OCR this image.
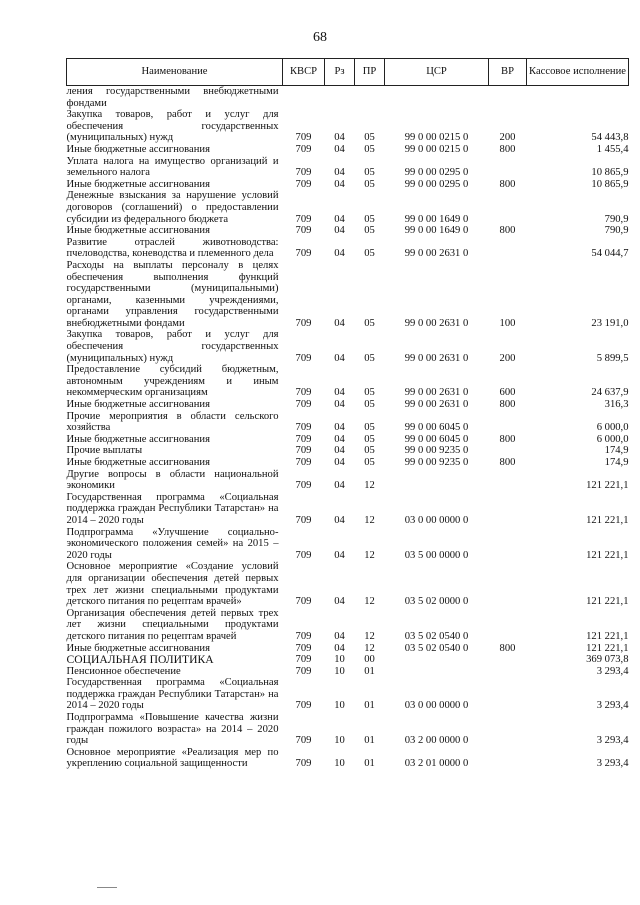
68
Наименование	КВСР	Рз	ПР	ЦСР	ВР	Кассовое исполнение
ления государственными внебюджетными фондами						
Закупка товаров, работ и услуг для обеспечения государственных (муниципальных) нужд	709	04	05	99 0 00 0215 0	200	54 443,8
Иные бюджетные ассигнования	709	04	05	99 0 00 0215 0	800	1 455,4
Уплата налога на имущество организаций и земельного налога	709	04	05	99 0 00 0295 0		10 865,9
Иные бюджетные ассигнования	709	04	05	99 0 00 0295 0	800	10 865,9
Денежные взыскания за нарушение условий договоров (соглашений) о предоставлении субсидии из федерального бюджета	709	04	05	99 0 00 1649 0		790,9
Иные бюджетные ассигнования	709	04	05	99 0 00 1649 0	800	790,9
Развитие отраслей животноводства: пчеловодства, коневодства и племенного дела	709	04	05	99 0 00 2631 0		54 044,7
Расходы на выплаты персоналу в целях обеспечения выполнения функций государственными (муниципальными) органами, казенными учреждениями, органами управления государственными внебюджетными фондами	709	04	05	99 0 00 2631 0	100	23 191,0
Закупка товаров, работ и услуг для обеспечения государственных (муниципальных) нужд	709	04	05	99 0 00 2631 0	200	5 899,5
Предоставление субсидий бюджетным, автономным учреждениям и иным некоммерческим организациям	709	04	05	99 0 00 2631 0	600	24 637,9
Иные бюджетные ассигнования	709	04	05	99 0 00 2631 0	800	316,3
Прочие мероприятия в области сельского хозяйства	709	04	05	99 0 00 6045 0		6 000,0
Иные бюджетные ассигнования	709	04	05	99 0 00 6045 0	800	6 000,0
Прочие выплаты	709	04	05	99 0 00 9235 0		174,9
Иные бюджетные ассигнования	709	04	05	99 0 00 9235 0	800	174,9
Другие вопросы в области национальной экономики	709	04	12			121 221,1
Государственная программа «Социальная поддержка граждан Республики Татарстан» на 2014 – 2020 годы	709	04	12	03 0 00 0000 0		121 221,1
Подпрограмма «Улучшение социально-экономического положения семей» на 2015 – 2020 годы	709	04	12	03 5 00 0000 0		121 221,1
Основное мероприятие «Создание условий для организации обеспечения детей первых трех лет жизни специальными продуктами детского питания по рецептам врачей»	709	04	12	03 5 02 0000 0		121 221,1
Организация обеспечения детей первых трех лет жизни специальными продуктами детского питания по рецептам врачей	709	04	12	03 5 02 0540 0		121 221,1
Иные бюджетные ассигнования	709	04	12	03 5 02 0540 0	800	121 221,1
СОЦИАЛЬНАЯ ПОЛИТИКА	709	10	00			369 073,8
Пенсионное обеспечение	709	10	01			3 293,4
Государственная программа «Социальная поддержка граждан Республики Татарстан» на 2014 – 2020 годы	709	10	01	03 0 00 0000 0		3 293,4
Подпрограмма «Повышение качества жизни граждан пожилого возраста» на 2014 – 2020 годы	709	10	01	03 2 00 0000 0		3 293,4
Основное мероприятие «Реализация мер по укреплению социальной защищенности	709	10	01	03 2 01 0000 0		3 293,4
